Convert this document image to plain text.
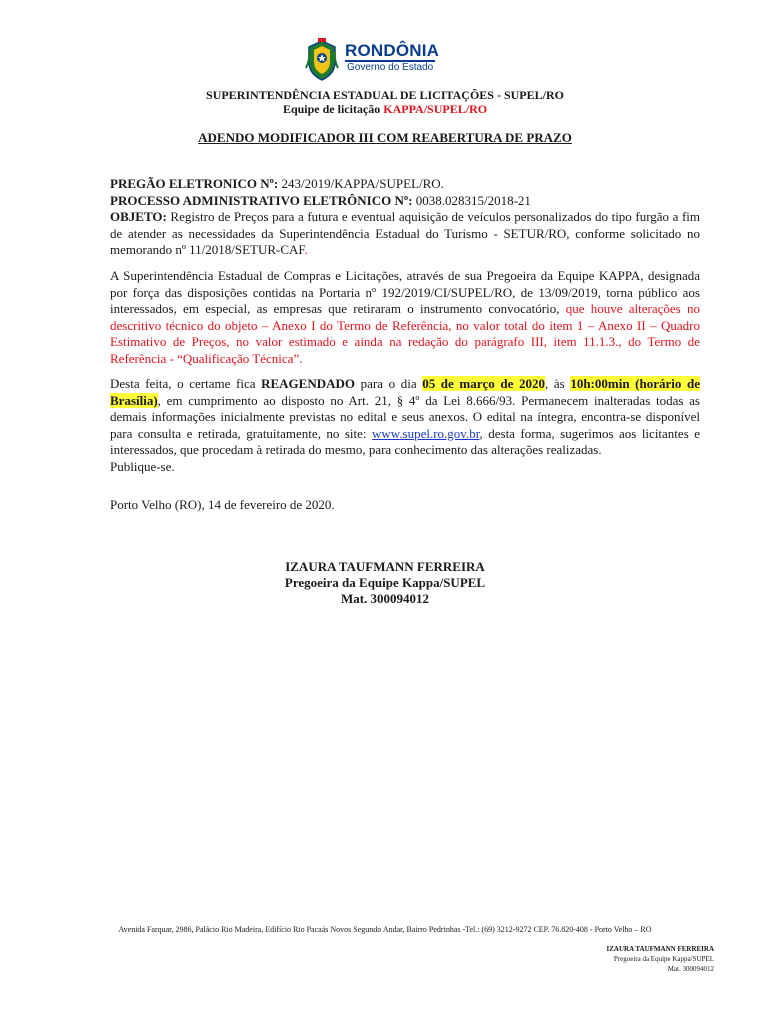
RONDÔNIA
Governo do Estado
SUPERINTENDÊNCIA ESTADUAL DE LICITAÇÕES - SUPEL/RO
Equipe de licitação KAPPA/SUPEL/RO
ADENDO MODIFICADOR III COM REABERTURA DE PRAZO
PREGÃO ELETRONICO Nº: 243/2019/KAPPA/SUPEL/RO.
PROCESSO ADMINISTRATIVO ELETRÔNICO Nº: 0038.028315/2018-21
OBJETO: Registro de Preços para a futura e eventual aquisição de veículos personalizados do tipo furgão a fim de atender as necessidades da Superintendência Estadual do Turismo - SETUR/RO, conforme solicitado no memorando nº 11/2018/SETUR-CAF.
A Superintendência Estadual de Compras e Licitações, através de sua Pregoeira da Equipe KAPPA, designada por força das disposições contidas na Portaria nº 192/2019/CI/SUPEL/RO, de 13/09/2019, torna público aos interessados, em especial, as empresas que retiraram o instrumento convocatório, que houve alterações no descritivo técnico do objeto – Anexo I do Termo de Referência, no valor total do item 1 – Anexo II – Quadro Estimativo de Preços, no valor estimado e ainda na redação do parágrafo III, item 11.1.3., do Termo de Referência - “Qualificação Técnica”.
Desta feita, o certame fica REAGENDADO para o dia 05 de março de 2020, às 10h:00min (horário de Brasília), em cumprimento ao disposto no Art. 21, § 4º da Lei 8.666/93. Permanecem inalteradas todas as demais informações inicialmente previstas no edital e seus anexos. O edital na íntegra, encontra-se disponível para consulta e retirada, gratuitamente, no site: www.supel.ro.gov.br, desta forma, sugerimos aos licitantes e interessados, que procedam à retirada do mesmo, para conhecimento das alterações realizadas.
Publique-se.
Porto Velho (RO), 14 de fevereiro de 2020.
IZAURA TAUFMANN FERREIRA
Pregoeira da Equipe Kappa/SUPEL
Mat. 300094012
Avenida Farquar, 2986, Palácio Rio Madeira, Edifício Rio Pacaás Novos Segundo Andar, Bairro Pedrinhas -Tel.: (69) 3212-9272 CEP. 76.820-408 - Porto Velho – RO
IZAURA TAUFMANN FERREIRA
Pregoeira da Equipe Kappa/SUPEL
Mat. 300094012
